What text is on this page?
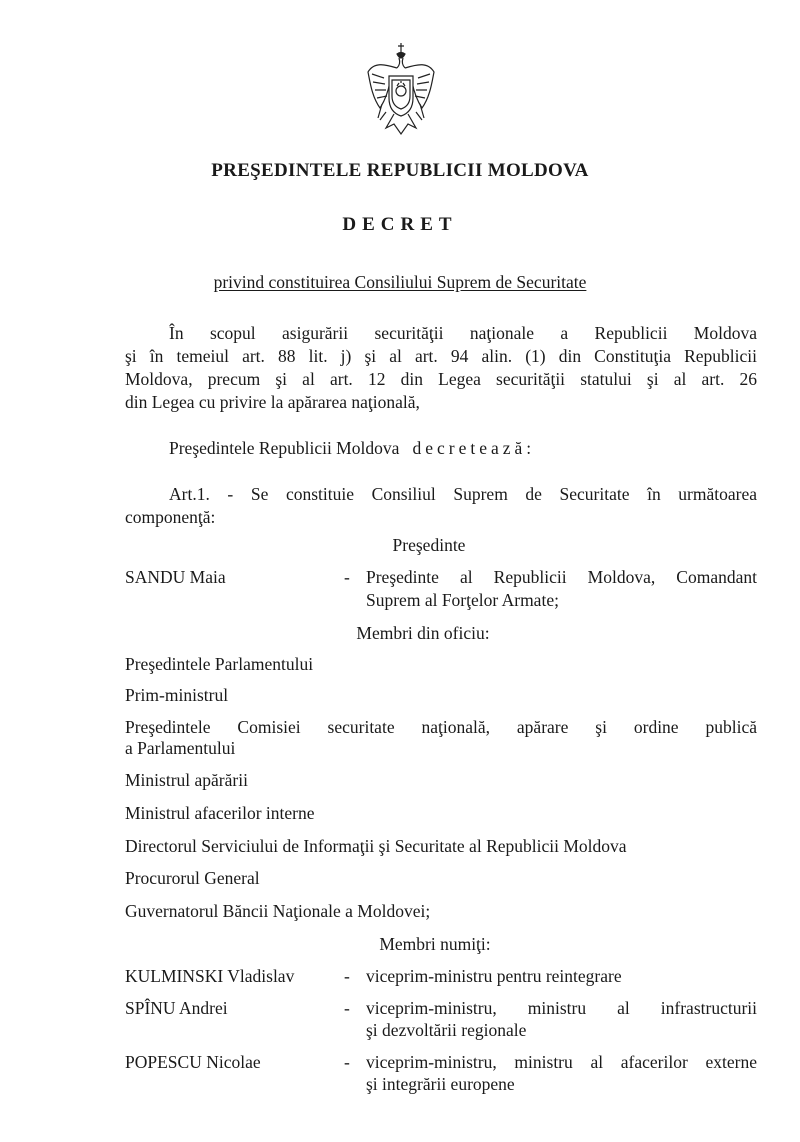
PREŞEDINTELE REPUBLICII MOLDOVA
DECRET
privind constituirea Consiliului Suprem de Securitate
În scopul asigurării securităţii naţionale a Republicii Moldova
şi în temeiul art. 88 lit. j) şi al art. 94 alin. (1) din Constituţia Republicii
Moldova, precum şi al art. 12 din Legea securităţii statului şi al art. 26
din Legea cu privire la apărarea naţională,
Preşedintele Republicii Moldova decretează:
Art.1. - Se constituie Consiliul Suprem de Securitate în următoarea
componenţă:
Preşedinte
SANDU Maia	- Preşedinte al Republicii Moldova, Comandant
Suprem al Forţelor Armate;
Membri din oficiu:
Preşedintele Parlamentului
Prim-ministrul
Preşedintele Comisiei securitate naţională, apărare şi ordine publică
a Parlamentului
Ministrul apărării
Ministrul afacerilor interne
Directorul Serviciului de Informaţii şi Securitate al Republicii Moldova
Procurorul General
Guvernatorul Băncii Naţionale a Moldovei;
Membri numiţi:
KULMINSKI Vladislav	- viceprim-ministru pentru reintegrare
SPÎNU Andrei	- viceprim-ministru, ministru al infrastructurii
şi dezvoltării regionale
POPESCU Nicolae	- viceprim-ministru, ministru al afacerilor externe
şi integrării europene
